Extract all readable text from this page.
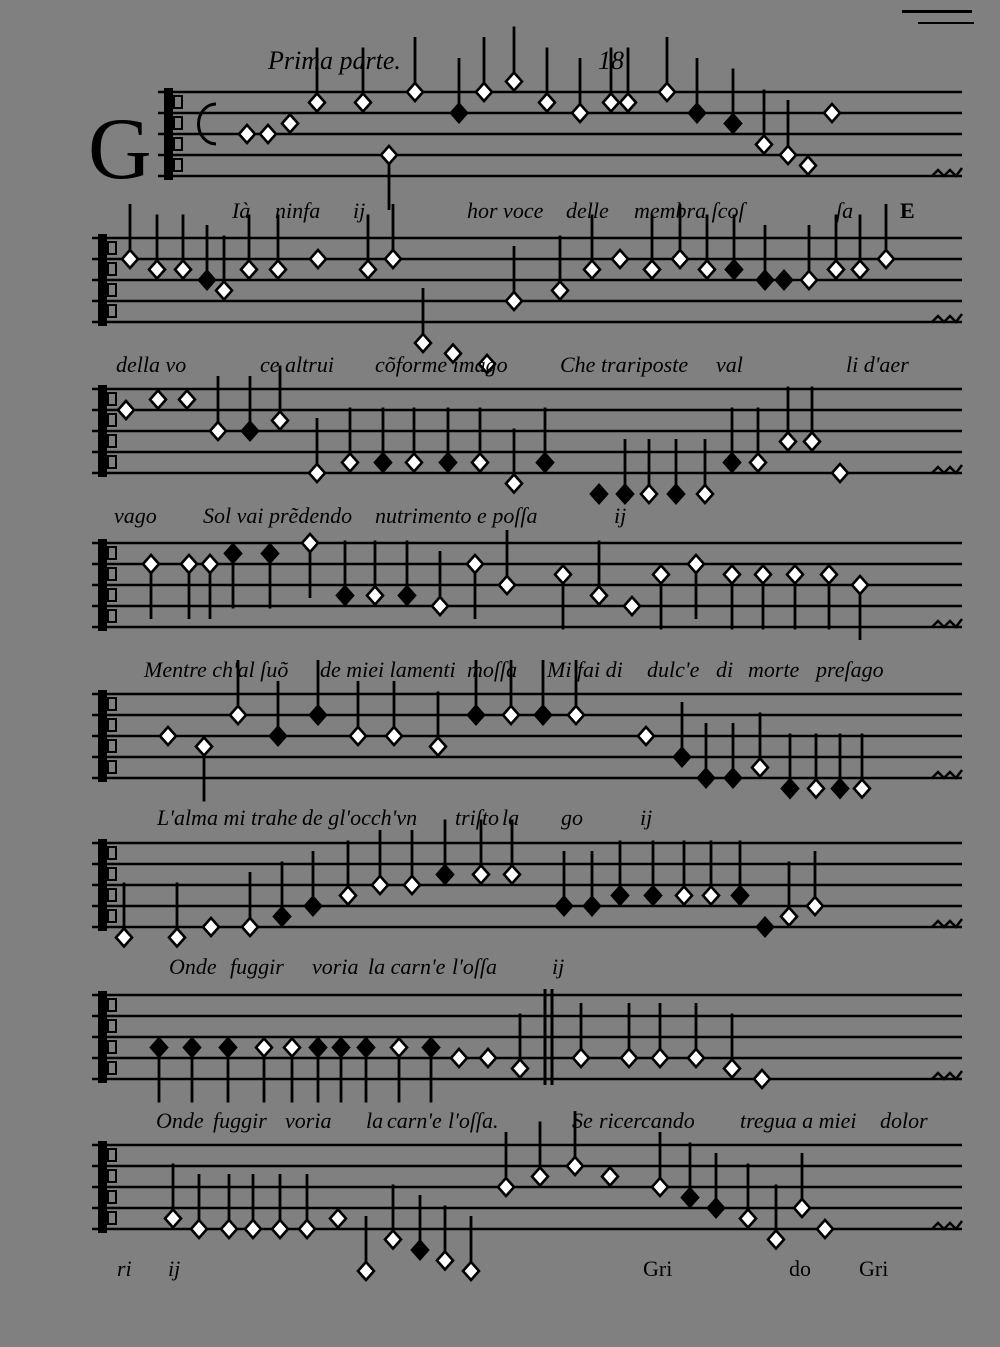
Prima parte.	18
G
Ià ninfa ij	hor voce delle membra ſcoſ	ſa E
della vo	ce altrui cõforme imago Che tra riposte val	li d'aer
vago Sol vai prẽdendo nutrimento e poſſa	ij
Mentre ch'al ſuõ de miei lamenti moſſa Mi fai di dulc'e di morte preſago
L'alma mi trahe de gl'occh'vn triſto la go	ij
Onde fuggir voria la carn'e l'oſſa ij
Onde fuggir voria la carn'e l'oſſa.	Se ricercando tregua a miei dolor
ri ij	Gri	do Gri
